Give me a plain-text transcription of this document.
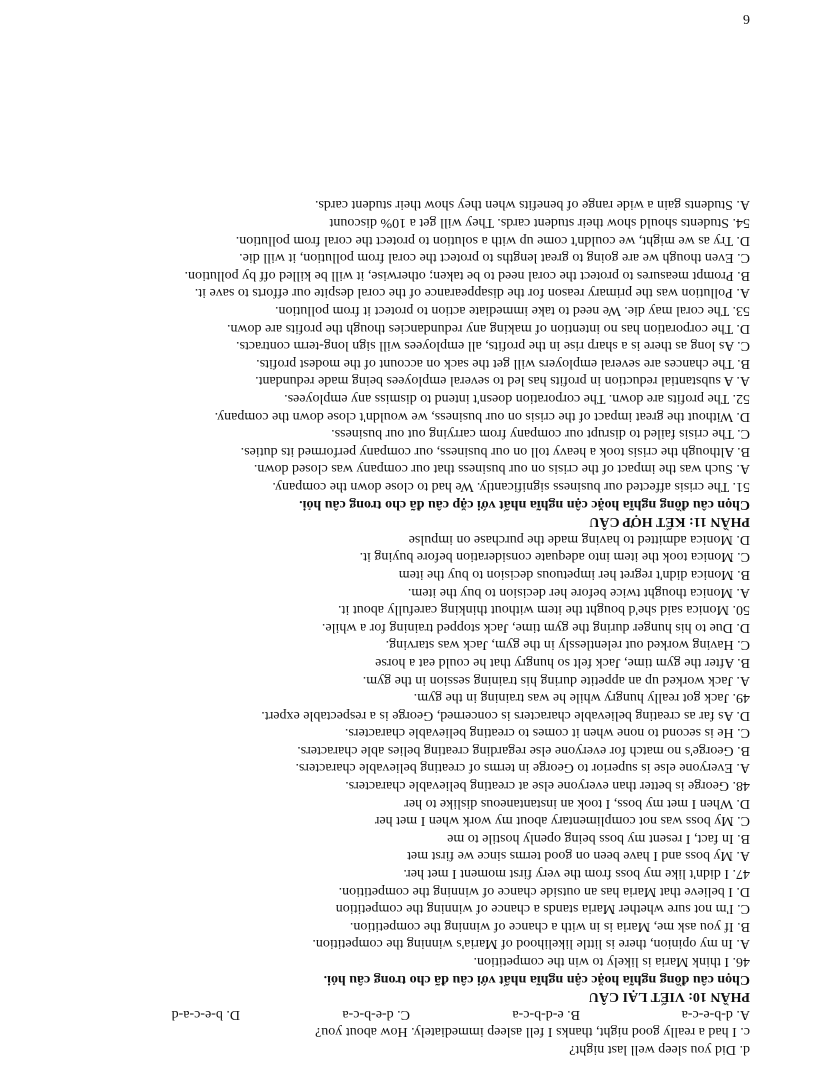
d. Did you sleep well last night?
c. I had a really good night, thanks I fell asleep immediately. How about you?
A. d-b-e-c-a
B. e-d-b-c-a
C. d-e-b-c-a
D. b-e-c-a-d
PHẦN 10: VIẾT LẠI CÂU
Chọn câu đồng nghĩa hoặc cận nghĩa nhất với câu đã cho trong câu hỏi.
46. I think Maria is likely to win the competition.
A. In my opinion, there is little likelihood of Maria's winning the competition.
B. If you ask me, Maria is in with a chance of winning the competition.
C. I'm not sure whether Maria stands a chance of winning the competition
D. I believe that Maria has an outside chance of winning the competition.
47. I didn't like my boss from the very first moment I met her.
A. My boss and I have been on good terms since we first met
B. In fact, I resent my boss being openly hostile to me
C. My boss was not complimentary about my work when I met her
D. When I met my boss, I took an instantaneous dislike to her
48. George is better than everyone else at creating believable characters.
A. Everyone else is superior to George in terms of creating believable characters.
B. George's no match for everyone else regarding creating belies able characters.
C. He is second to none when it comes to creating believable characters.
D. As far as creating believable characters is concerned, George is a respectable expert.
49. Jack got really hungry while he was training in the gym.
A. Jack worked up an appetite during his training session in the gym.
B. After the gym time, Jack felt so hungry that he could eat a horse
C. Having worked out relentlessly in the gym, Jack was starving.
D. Due to his hunger during the gym time, Jack stopped training for a while.
50. Monica said she'd bought the item without thinking carefully about it.
A. Monica thought twice before her decision to buy the item.
B. Monica didn't regret her impetuous decision to buy the item
C. Monica took the item into adequate consideration before buying it.
D. Monica admitted to having made the purchase on impulse
PHẦN 11: KẾT HỢP CÂU
Chọn câu đồng nghĩa hoặc cận nghĩa nhất với cặp câu đã cho trong câu hỏi.
51. The crisis affected our business significantly. We had to close down the company.
A. Such was the impact of the crisis on our business that our company was closed down.
B. Although the crisis took a heavy toll on our business, our company performed its duties.
C. The crisis failed to disrupt our company from carrying out our business.
D. Without the great impact of the crisis on our business, we wouldn't close down the company.
52. The profits are down. The corporation doesn't intend to dismiss any employees.
A. A substantial reduction in profits has led to several employees being made redundant.
B. The chances are several employers will get the sack on account of the modest profits.
C. As long as there is a sharp rise in the profits, all employees will sign long-term contracts.
D. The corporation has no intention of making any redundancies though the profits are down.
53. The coral may die. We need to take immediate action to protect it from pollution.
A. Pollution was the primary reason for the disappearance of the coral despite our efforts to save it.
B. Prompt measures to protect the coral need to be taken; otherwise, it will be killed off by pollution.
C. Even though we are going to great lengths to protect the coral from pollution, it will die.
D. Try as we might, we couldn't come up with a solution to protect the coral from pollution.
54. Students should show their student cards. They will get a 10% discount
A. Students gain a wide range of benefits when they show their student cards.
6
